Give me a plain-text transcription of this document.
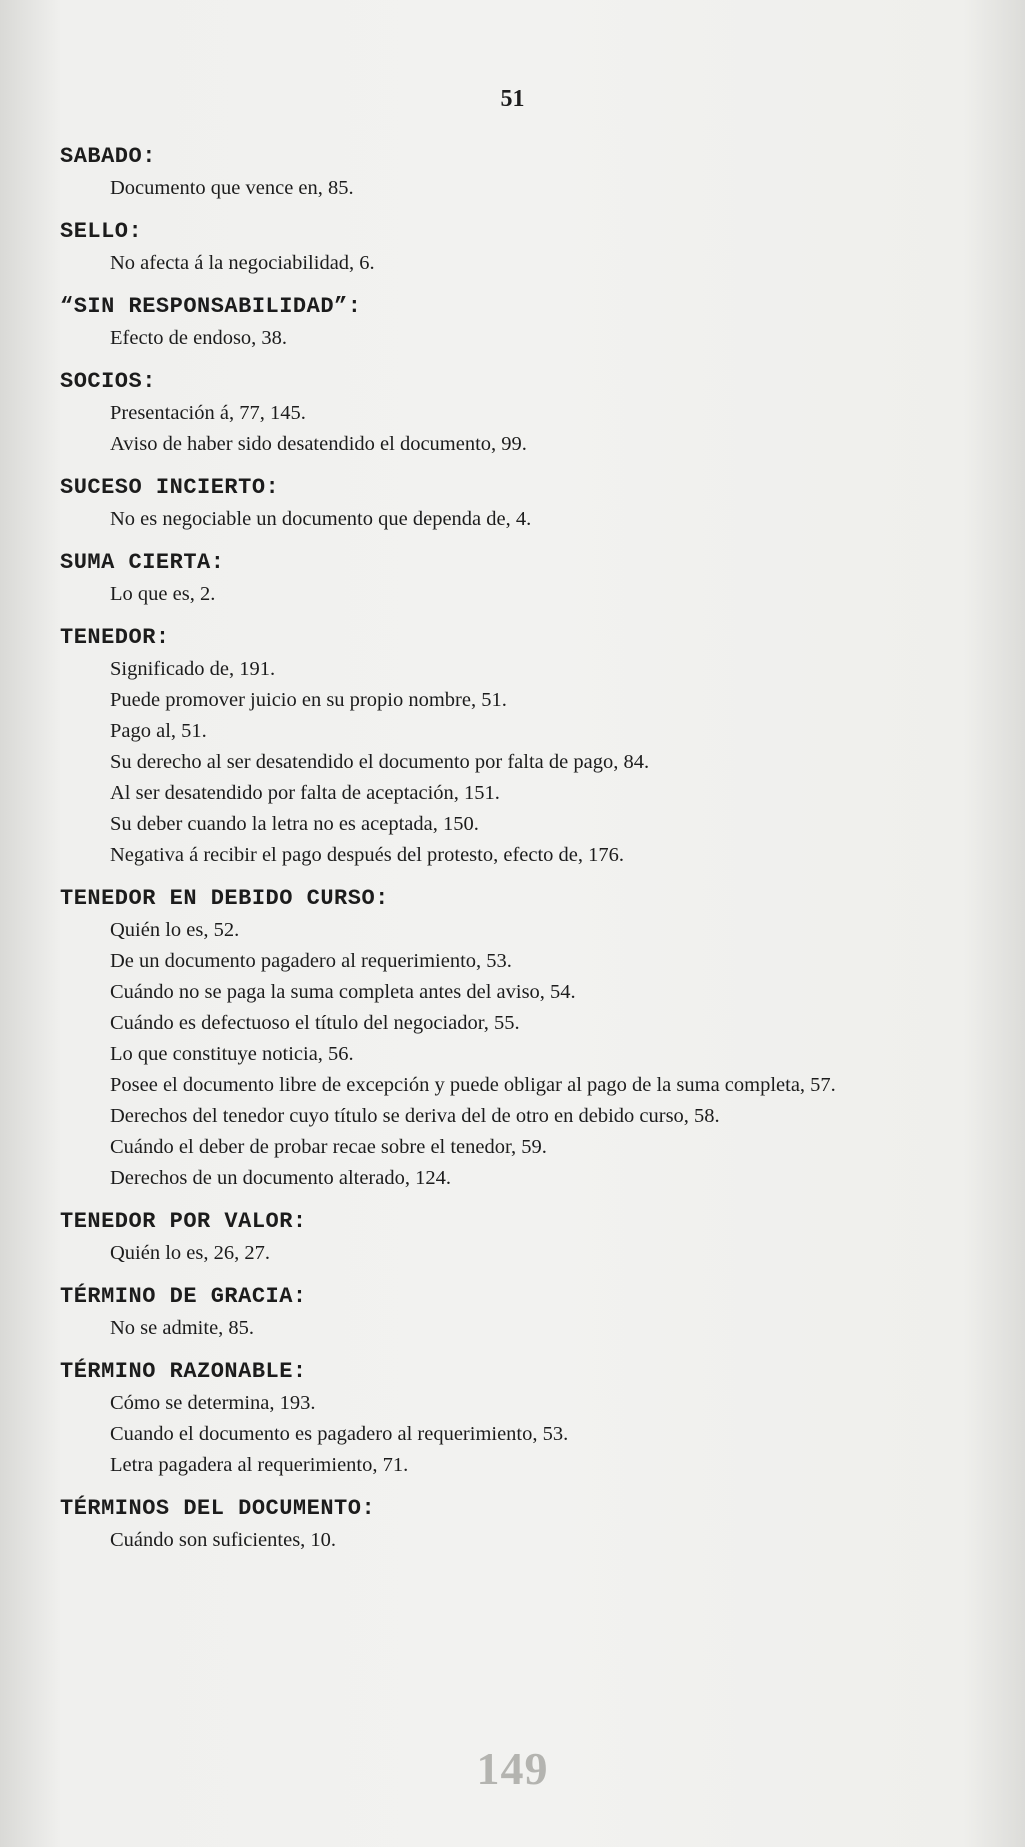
51
SABADO:
Documento que vence en, 85.
SELLO:
No afecta á la negociabilidad, 6.
“SIN RESPONSABILIDAD”:
Efecto de endoso, 38.
SOCIOS:
Presentación á, 77, 145.
Aviso de haber sido desatendido el documento, 99.
SUCESO INCIERTO:
No es negociable un documento que dependa de, 4.
SUMA CIERTA:
Lo que es, 2.
TENEDOR:
Significado de, 191.
Puede promover juicio en su propio nombre, 51.
Pago al, 51.
Su derecho al ser desatendido el documento por falta de pago, 84.
Al ser desatendido por falta de aceptación, 151.
Su deber cuando la letra no es aceptada, 150.
Negativa á recibir el pago después del protesto, efecto de, 176.
TENEDOR EN DEBIDO CURSO:
Quién lo es, 52.
De un documento pagadero al requerimiento, 53.
Cuándo no se paga la suma completa antes del aviso, 54.
Cuándo es defectuoso el título del negociador, 55.
Lo que constituye noticia, 56.
Posee el documento libre de excepción y puede obligar al pago de la suma completa, 57.
Derechos del tenedor cuyo título se deriva del de otro en debido curso, 58.
Cuándo el deber de probar recae sobre el tenedor, 59.
Derechos de un documento alterado, 124.
TENEDOR POR VALOR:
Quién lo es, 26, 27.
TÉRMINO DE GRACIA:
No se admite, 85.
TÉRMINO RAZONABLE:
Cómo se determina, 193.
Cuando el documento es pagadero al requerimiento, 53.
Letra pagadera al requerimiento, 71.
TÉRMINOS DEL DOCUMENTO:
Cuándo son suficientes, 10.
149
